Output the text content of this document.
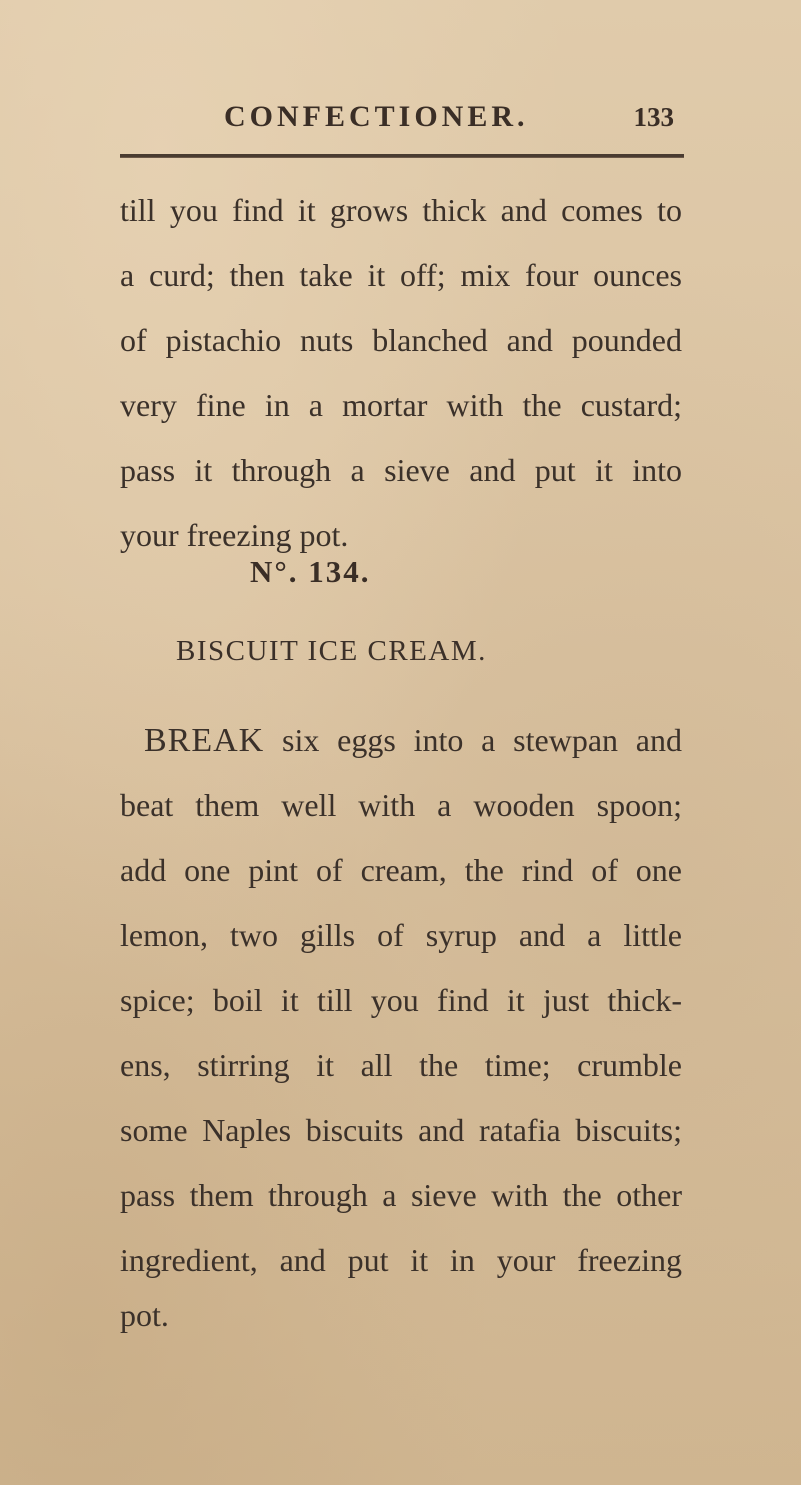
CONFECTIONER.	133
till you find it grows thick and comes to
a curd; then take it off; mix four ounces
of pistachio nuts blanched and pounded
very fine in a mortar with the custard;
pass it through a sieve and put it into
your freezing pot.
N°. 134.
BISCUIT ICE CREAM.
BREAK six eggs into a stewpan and
beat them well with a wooden spoon;
add one pint of cream, the rind of one
lemon, two gills of syrup and a little
spice; boil it till you find it just thick-
ens, stirring it all the time; crumble
some Naples biscuits and ratafia biscuits;
pass them through a sieve with the other
ingredient, and put it in your freezing
pot.
